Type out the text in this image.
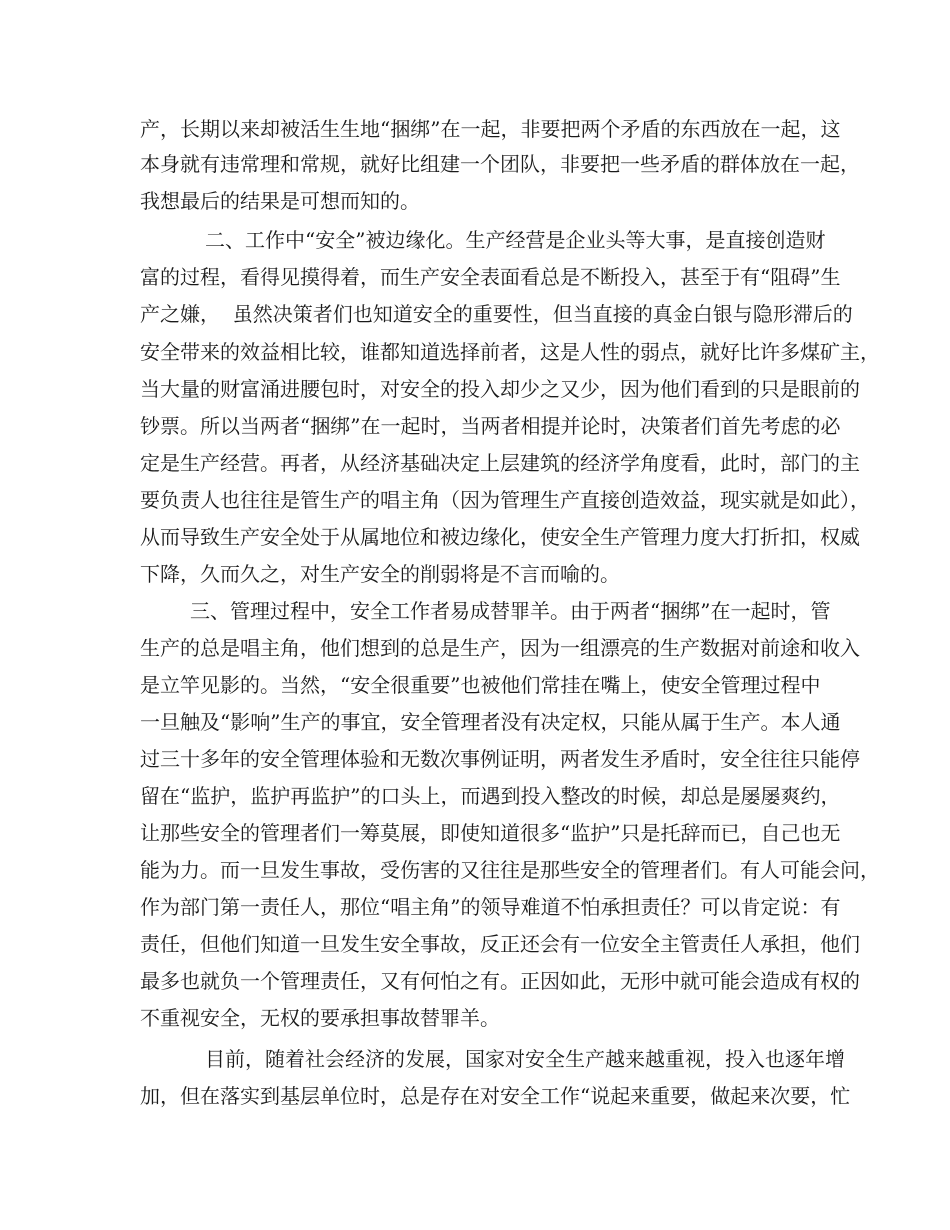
产，长期以来却被活生生地“捆绑”在一起，非要把两个矛盾的东西放在一起，这

本身就有违常理和常规，就好比组建一个团队，非要把一些矛盾的群体放在一起，

我想最后的结果是可想而知的。

二、工作中“安全”被边缘化。生产经营是企业头等大事，是直接创造财

富的过程，看得见摸得着，而生产安全表面看总是不断投入，甚至于有“阻碍”生

产之嫌，  虽然决策者们也知道安全的重要性，但当直接的真金白银与隐形滞后的

安全带来的效益相比较，谁都知道选择前者，这是人性的弱点，就好比许多煤矿主，

当大量的财富涌进腰包时，对安全的投入却少之又少，因为他们看到的只是眼前的

钞票。所以当两者“捆绑”在一起时，当两者相提并论时，决策者们首先考虑的必

定是生产经营。再者，从经济基础决定上层建筑的经济学角度看，此时，部门的主

要负责人也往往是管生产的唱主角（因为管理生产直接创造效益，现实就是如此），

从而导致生产安全处于从属地位和被边缘化，使安全生产管理力度大打折扣，权威

下降，久而久之，对生产安全的削弱将是不言而喻的。

三、管理过程中，安全工作者易成替罪羊。由于两者“捆绑”在一起时，管

生产的总是唱主角，他们想到的总是生产，因为一组漂亮的生产数据对前途和收入

是立竿见影的。当然，“安全很重要”也被他们常挂在嘴上，使安全管理过程中

一旦触及“影响”生产的事宜，安全管理者没有决定权，只能从属于生产。本人通

过三十多年的安全管理体验和无数次事例证明，两者发生矛盾时，安全往往只能停

留在“监护，监护再监护”的口头上，而遇到投入整改的时候，却总是屡屡爽约，

让那些安全的管理者们一筹莫展，即使知道很多“监护”只是托辞而已，自己也无

能为力。而一旦发生事故，受伤害的又往往是那些安全的管理者们。有人可能会问，

作为部门第一责任人，那位“唱主角”的领导难道不怕承担责任？可以肯定说：有

责任，但他们知道一旦发生安全事故，反正还会有一位安全主管责任人承担，他们

最多也就负一个管理责任，又有何怕之有。正因如此，无形中就可能会造成有权的

不重视安全，无权的要承担事故替罪羊。

目前，随着社会经济的发展，国家对安全生产越来越重视，投入也逐年增

加，但在落实到基层单位时，总是存在对安全工作“说起来重要，做起来次要，忙
